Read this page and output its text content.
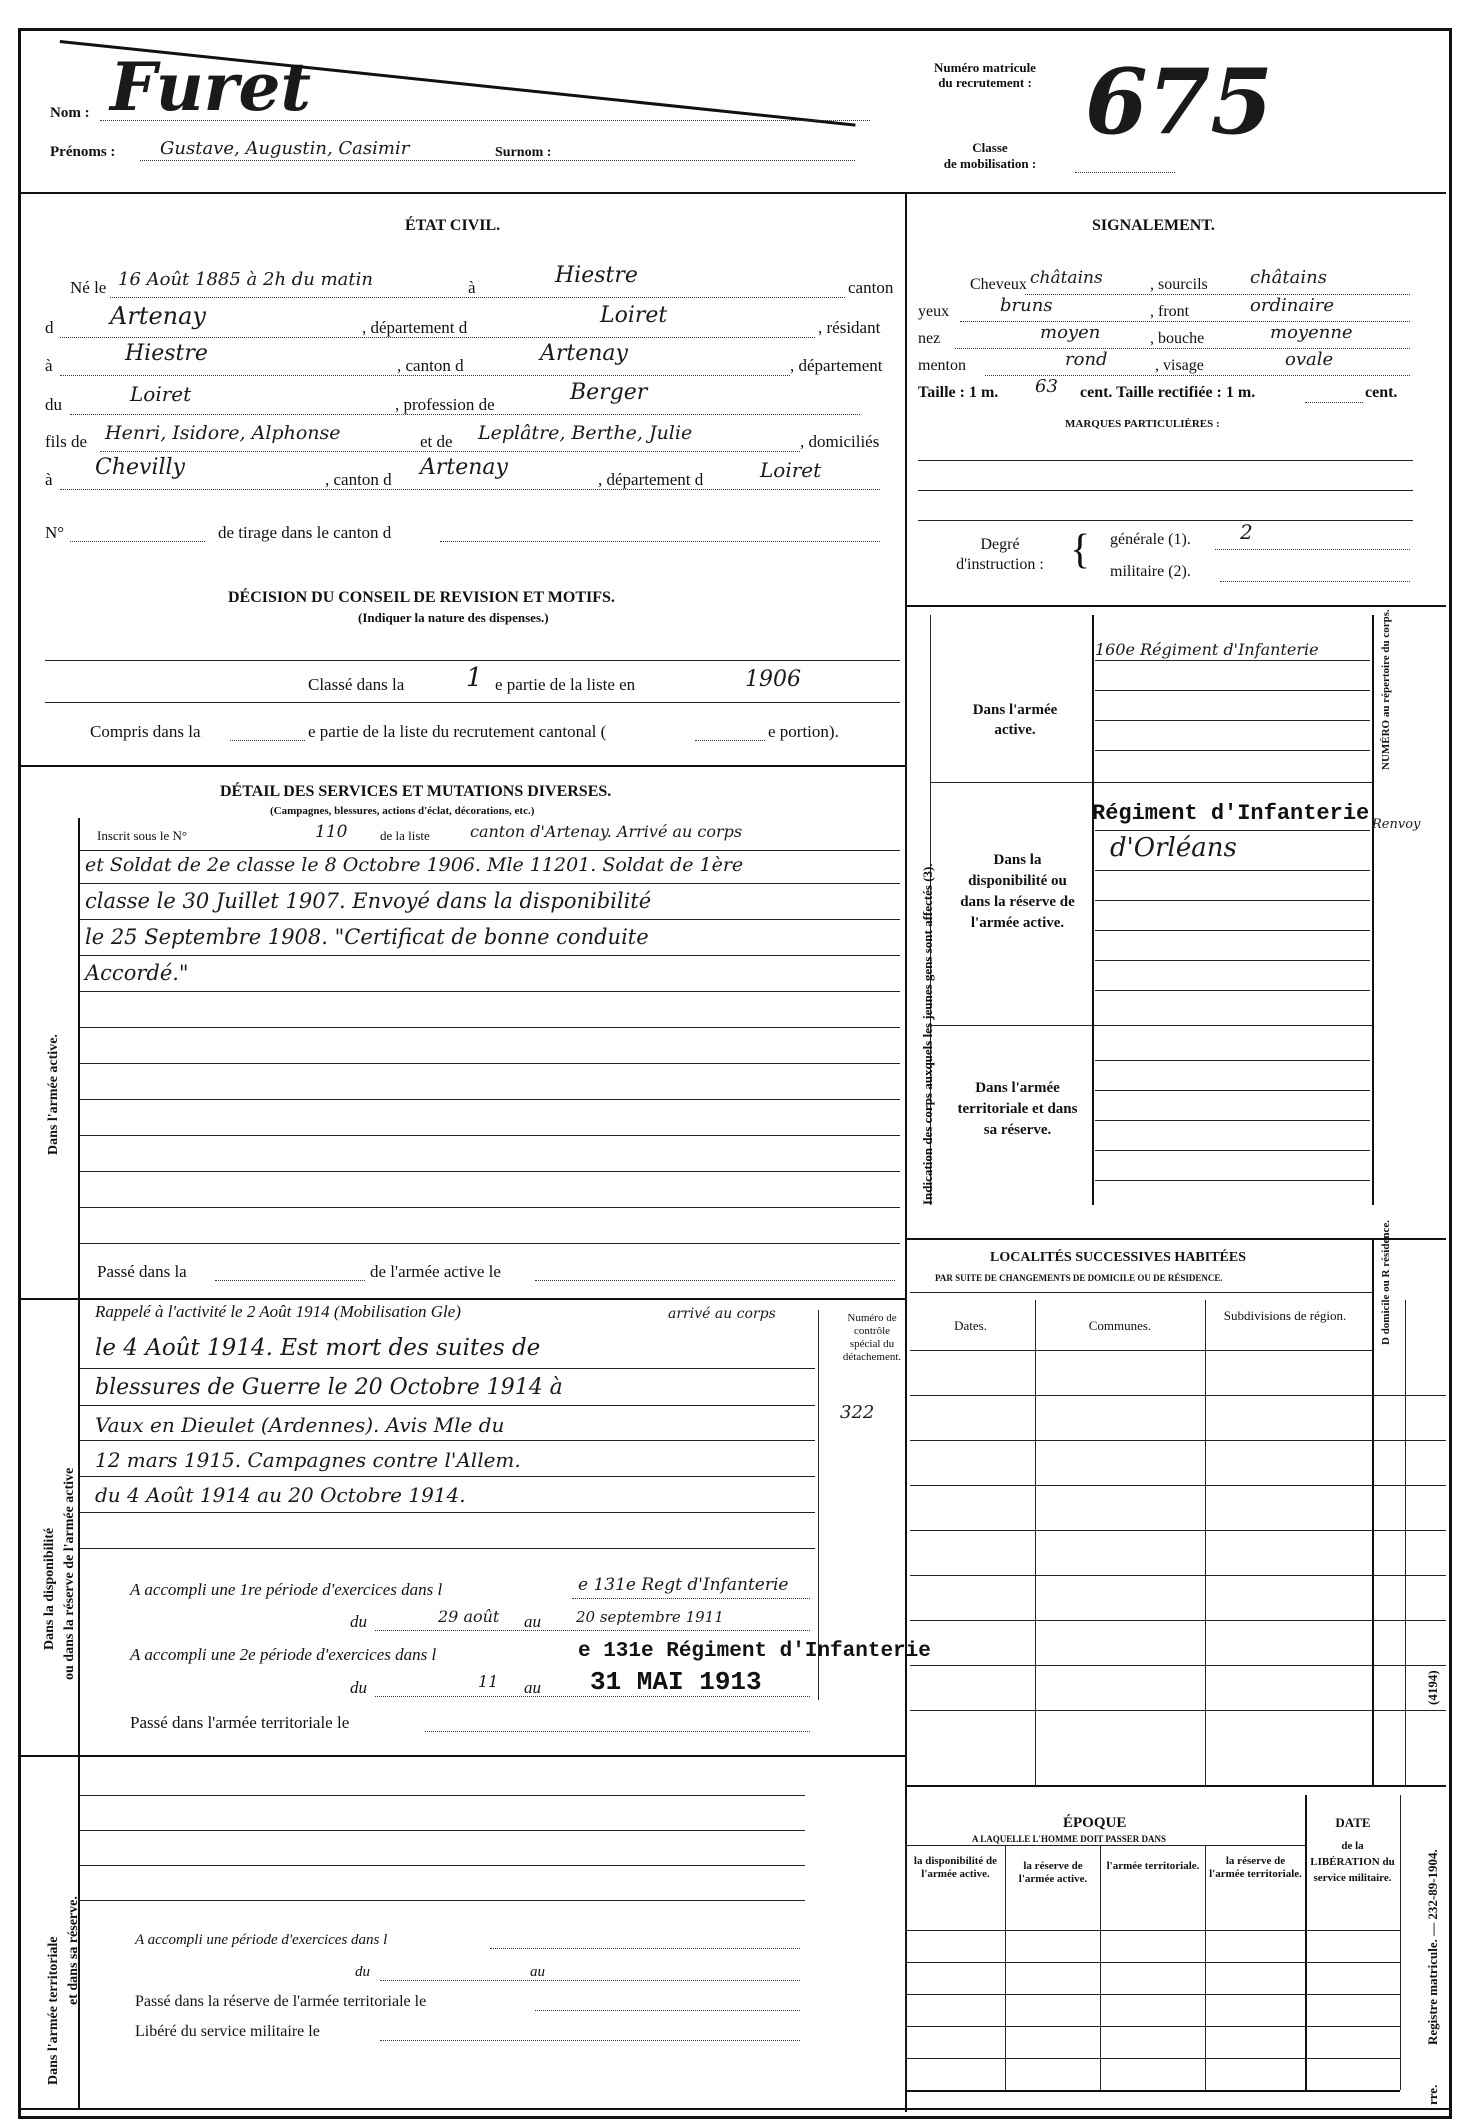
Nom : Furet
Prénoms : Gustave, Augustin, Casimir	Surnom :
Numéro matricule
du recrutement : 675
Classe
de mobilisation :
ÉTAT CIVIL.
Né le 16 Août 1885 à 2h du matin	à	Hiestre	canton
d Artenay	, département d	Loiret	, résidant
à	Hiestre	, canton d	Artenay	, département
du	Loiret	, profession de	Berger
fils de Henri, Isidore, Alphonse	et de Leplâtre, Berthe, Julie	, domiciliés
à Chevilly	, canton d Artenay	, département d	Loiret
N°	de tirage dans le canton d
DÉCISION DU CONSEIL DE REVISION ET MOTIFS.
(Indiquer la nature des dispenses.)
Classé dans la 1 e partie de la liste en	1906
Compris dans la	e partie de la liste du recrutement cantonal (	e portion).
DÉTAIL DES SERVICES ET MUTATIONS DIVERSES.
(Campagnes, blessures, actions d'éclat, décorations, etc.)
Dans l'armée active.
Inscrit sous le N°	110	de la liste	canton d'Artenay. Arrivé au corps
et Soldat de 2e classe le 8 Octobre 1906. Mle 11201. Soldat de 1ère
classe le 30 Juillet 1907. Envoyé dans la disponibilité
le 25 Septembre 1908. "Certificat de bonne conduite
Accordé."
Passé dans la	de l'armée active le
Dans la disponibilité ou dans la réserve de l'armée active
Rappelé à l'activité le 2 Août 1914 (Mobilisation Gle)	arrivé au corps	Numéro de contrôle spécial du détachement.
le 4 Août 1914. Est mort des suites de
blessures de Guerre le 20 Octobre 1914 à
Vaux en Dieulet (Ardennes). Avis Mle du
322
12 mars 1915. Campagnes contre l'Allem.
du 4 Août 1914 au 20 Octobre 1914.
A accompli une 1re période d'exercices dans l	e 131e Regt d'Infanterie
du	29 août au 20 septembre 1911
A accompli une 2e période d'exercices dans l	e 131e Régiment d'Infanterie
du	11 au 31 MAI 1913
Passé dans l'armée territoriale le
Dans l'armée territoriale et dans sa réserve.	A accompli une période d'exercices dans l
du	au
Passé dans la réserve de l'armée territoriale le
Libéré du service militaire le
SIGNALEMENT.
Cheveux châtains	, sourcils châtains
yeux	bruns	, front	ordinaire
nez	moyen	, bouche	moyenne
menton	rond	, visage	ovale
Taille : 1 m. 63 cent. Taille rectifiée : 1 m.	cent.
MARQUES PARTICULIÈRES :
Degré
d'instruction : { générale (1). 2
militaire (2).
Indication des corps auxquels les jeunes gens sont affectés (3).
NUMÉRO au répertoire du corps.
Dans l'armée active.
160e Régiment d'Infanterie
Dans la disponibilité ou dans la réserve de l'armée active.
Régiment d'Infanterie
d'Orléans
Renvoy
Dans l'armée territoriale et dans sa réserve.
LOCALITÉS SUCCESSIVES HABITÉES
PAR SUITE DE CHANGEMENTS DE DOMICILE OU DE RÉSIDENCE.	D domicile ou R résidence.
Dates.	Communes.
Subdivisions de région.
ÉPOQUE
A LAQUELLE L'HOMME DOIT PASSER DANS
la disponibilité de l'armée active.
la réserve de l'armée active.
l'armée territoriale.	la réserve de l'armée territoriale.
DATE
de la LIBÉRATION du service militaire.	Registre matricule. — 232-89-1904.
(4194)
rre.
